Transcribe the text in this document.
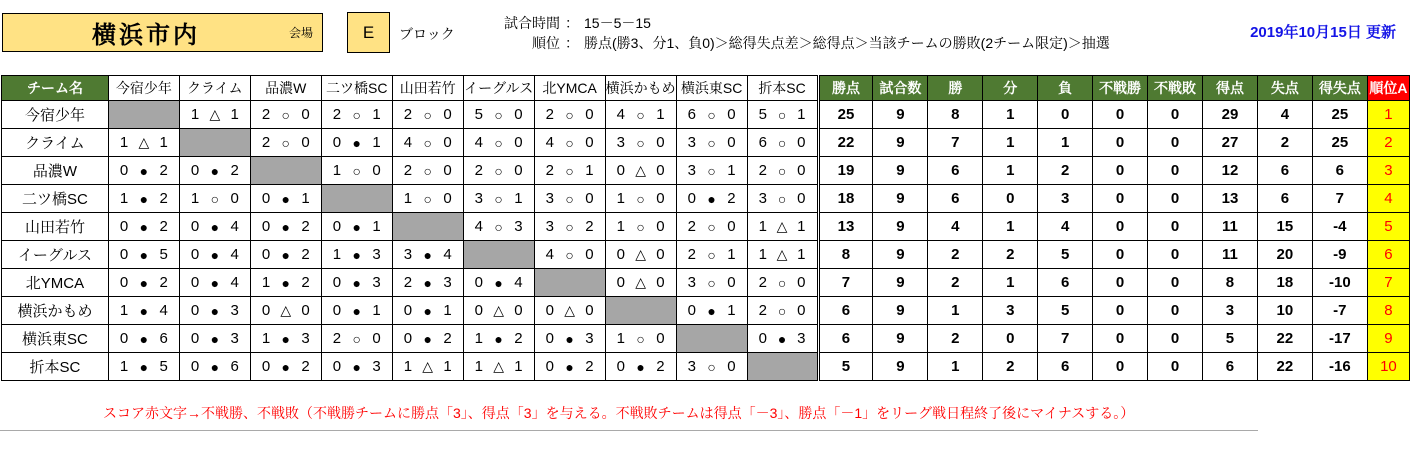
横浜市内	会場	E	ブロック
試合時間 ： 15－5－15
順位 ： 勝点(勝3、分1、負0)＞総得失点差＞総得点＞当該チームの勝敗(2チーム限定)＞抽選
2019年10月15日 更新
チーム名	今宿少年	クライム	品濃W	二ツ橋SC	山田若竹	イーグルス	北YMCA	横浜かもめ	横浜東SC	折本SC	勝点	試合数	勝	分	負	不戦勝	不戦敗	得点	失点	得失点	順位A
今宿少年		1 △ 1	2 ○ 0	2 ○ 1	2 ○ 0	5 ○ 0	2 ○ 0	4 ○ 1	6 ○ 0	5 ○ 1	25	9	8	1	0	0	0	29	4	25	1
クライム	1 △ 1		2 ○ 0	0 ● 1	4 ○ 0	4 ○ 0	4 ○ 0	3 ○ 0	3 ○ 0	6 ○ 0	22	9	7	1	1	0	0	27	2	25	2
品濃W	0 ● 2	0 ● 2		1 ○ 0	2 ○ 0	2 ○ 0	2 ○ 1	0 △ 0	3 ○ 1	2 ○ 0	19	9	6	1	2	0	0	12	6	6	3
二ツ橋SC	1 ● 2	1 ○ 0	0 ● 1		1 ○ 0	3 ○ 1	3 ○ 0	1 ○ 0	0 ● 2	3 ○ 0	18	9	6	0	3	0	0	13	6	7	4
山田若竹	0 ● 2	0 ● 4	0 ● 2	0 ● 1		4 ○ 3	3 ○ 2	1 ○ 0	2 ○ 0	1 △ 1	13	9	4	1	4	0	0	11	15	-4	5
イーグルス	0 ● 5	0 ● 4	0 ● 2	1 ● 3	3 ● 4		4 ○ 0	0 △ 0	2 ○ 1	1 △ 1	8	9	2	2	5	0	0	11	20	-9	6
北YMCA	0 ● 2	0 ● 4	1 ● 2	0 ● 3	2 ● 3	0 ● 4		0 △ 0	3 ○ 0	2 ○ 0	7	9	2	1	6	0	0	8	18	-10	7
横浜かもめ	1 ● 4	0 ● 3	0 △ 0	0 ● 1	0 ● 1	0 △ 0	0 △ 0		0 ● 1	2 ○ 0	6	9	1	3	5	0	0	3	10	-7	8
横浜東SC	0 ● 6	0 ● 3	1 ● 3	2 ○ 0	0 ● 2	1 ● 2	0 ● 3	1 ○ 0		0 ● 3	6	9	2	0	7	0	0	5	22	-17	9
折本SC	1 ● 5	0 ● 6	0 ● 2	0 ● 3	1 △ 1	1 △ 1	0 ● 2	0 ● 2	3 ○ 0		5	9	1	2	6	0	0	6	22	-16	10
スコア赤文字→不戦勝、不戦敗（不戦勝チームに勝点「3」、得点「3」を与える。不戦敗チームは得点「－3」、勝点「－1」をリーグ戦日程終了後にマイナスする。）
